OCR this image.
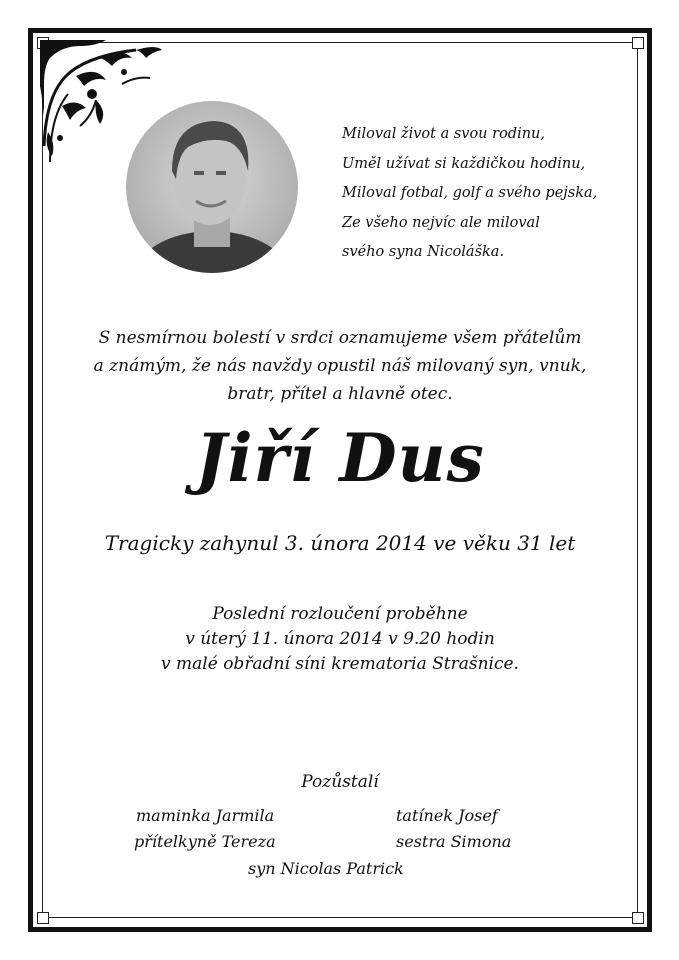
Miloval život a svou rodinu,
Uměl užívat si každičkou hodinu,
Miloval fotbal, golf a svého pejska,
Ze všeho nejvíc ale miloval
svého syna Nicoláška.
S nesmírnou bolestí v srdci oznamujeme všem přátelům
a známým, že nás navždy opustil náš milovaný syn, vnuk,
bratr, přítel a hlavně otec.
Jiří Dus
Tragicky zahynul 3. února 2014 ve věku 31 let
Poslední rozloučení proběhne
v úterý 11. února 2014 v 9.20 hodin
v malé obřadní síni krematoria Strašnice.
Pozůstalí
maminka Jarmila	tatínek Josef
přítelkyně Tereza	sestra Simona
syn Nicolas Patrick
